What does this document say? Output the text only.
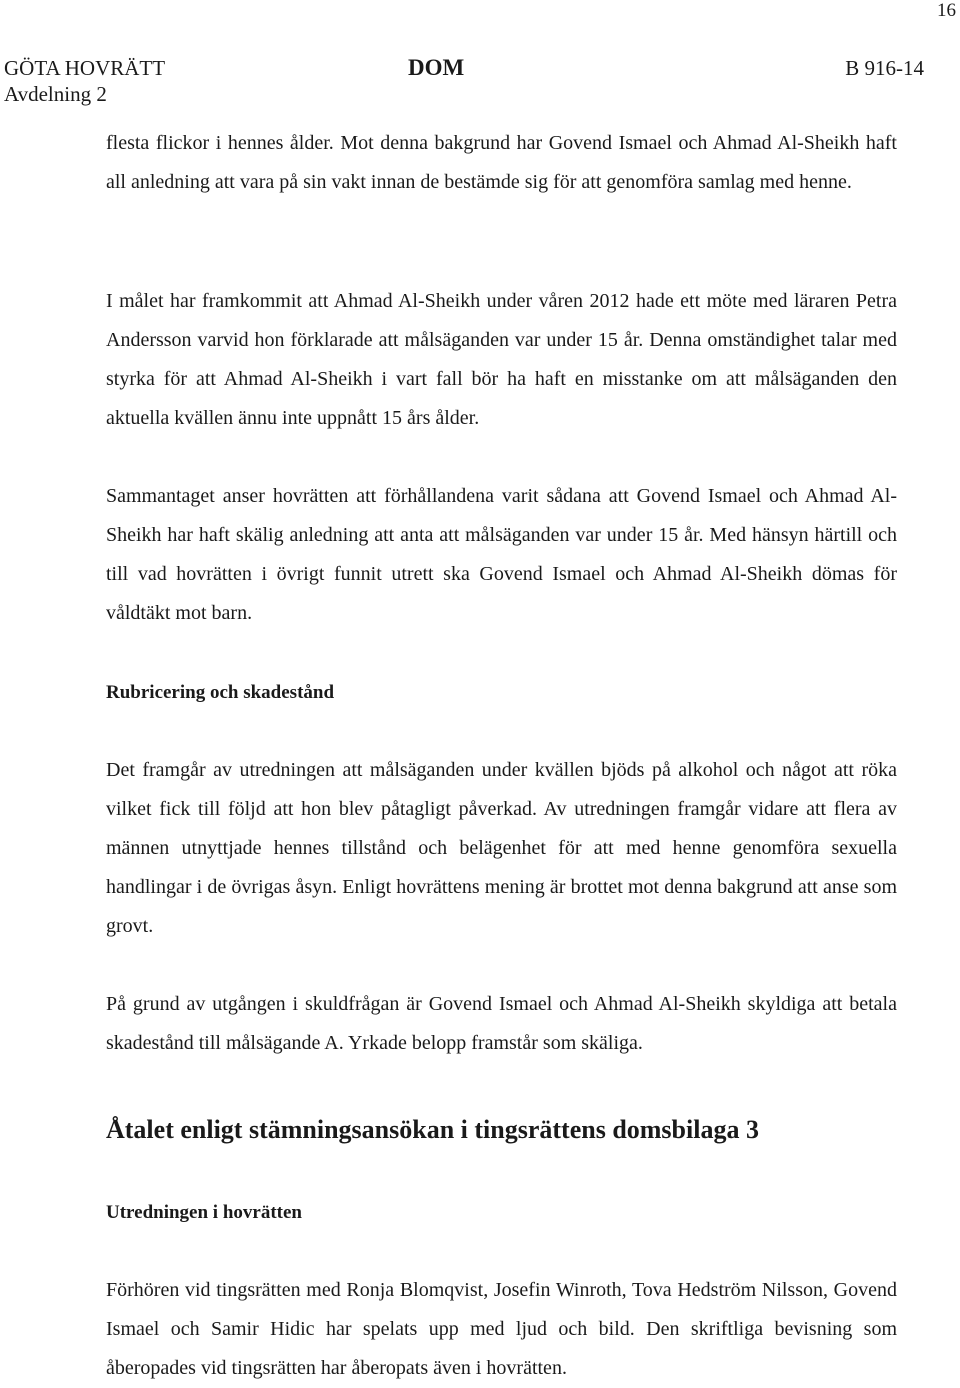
16
GÖTA HOVRÄTT
Avdelning 2
DOM	B 916-14

flesta flickor i hennes ålder. Mot denna bakgrund har Govend Ismael och Ahmad Al-Sheikh haft all anledning att vara på sin vakt innan de bestämde sig för att genomföra samlag med henne.

I målet har framkommit att Ahmad Al-Sheikh under våren 2012 hade ett möte med läraren Petra Andersson varvid hon förklarade att målsäganden var under 15 år. Denna omständighet talar med styrka för att Ahmad Al-Sheikh i vart fall bör ha haft en misstanke om att målsäganden den aktuella kvällen ännu inte uppnått 15 års ålder.

Sammantaget anser hovrätten att förhållandena varit sådana att Govend Ismael och Ahmad Al-Sheikh har haft skälig anledning att anta att målsäganden var under 15 år. Med hänsyn härtill och till vad hovrätten i övrigt funnit utrett ska Govend Ismael och Ahmad Al-Sheikh dömas för våldtäkt mot barn.

Rubricering och skadestånd

Det framgår av utredningen att målsäganden under kvällen bjöds på alkohol och något att röka vilket fick till följd att hon blev påtagligt påverkad. Av utredningen framgår vidare att flera av männen utnyttjade hennes tillstånd och belägenhet för att med henne genomföra sexuella handlingar i de övrigas åsyn. Enligt hovrättens mening är brottet mot denna bakgrund att anse som grovt.

På grund av utgången i skuldfrågan är Govend Ismael och Ahmad Al-Sheikh skyldiga att betala skadestånd till målsägande A. Yrkade belopp framstår som skäliga.

Åtalet enligt stämningsansökan i tingsrättens domsbilaga 3
Utredningen i hovrätten

Förhören vid tingsrätten med Ronja Blomqvist, Josefin Winroth, Tova Hedström Nilsson, Govend Ismael och Samir Hidic har spelats upp med ljud och bild. Den skriftliga bevisning som åberopades vid tingsrätten har åberopats även i hovrätten.
